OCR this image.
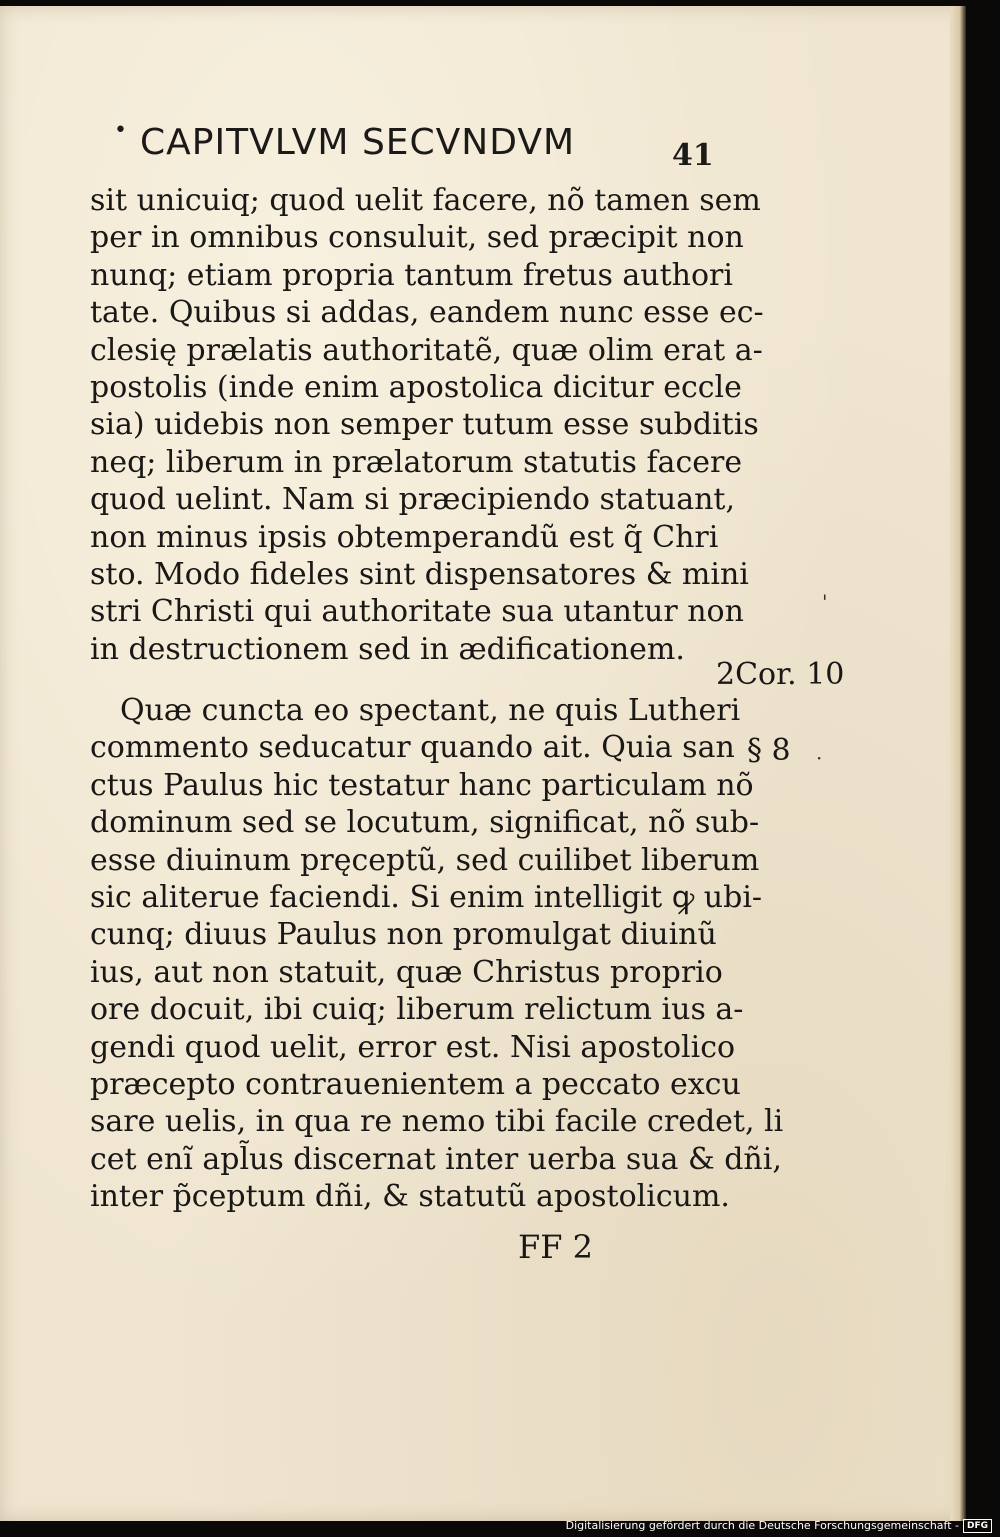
• CAPITVLVM SECVNDVM	41
sit unicuiq; quod uelit facere, nõ tamen sem
per in omnibus consuluit, sed præcipit non
nunq; etiam propria tantum fretus authori
tate. Quibus si addas, eandem nunc esse ec-
clesię prælatis authoritatẽ, quæ olim erat a-
postolis (inde enim apostolica dicitur eccle
sia) uidebis non semper tutum esse subditis
neq; liberum in prælatorum statutis facere
quod uelint. Nam si præcipiendo statuant,
non minus ipsis obtemperandũ est q̃ Chri
sto. Modo fideles sint dispensatores & mini
stri Christi qui authoritate sua utantur non
in destructionem sed in ædificationem.
2Cor. 10
§ 8
Quæ cuncta eo spectant, ne quis Lutheri
commento seducatur quando ait. Quia san
ctus Paulus hic testatur hanc particulam nõ
dominum sed se locutum, significat, nõ sub-
esse diuinum pręceptũ, sed cuilibet liberum
sic aliterue faciendi. Si enim intelligit ꝙ ubi-
cunq; diuus Paulus non promulgat diuinũ
ius, aut non statuit, quæ Christus proprio
ore docuit, ibi cuiq; liberum relictum ius a-
gendi quod uelit, error est. Nisi apostolico
præcepto contrauenientem a peccato excu
sare uelis, in qua re nemo tibi facile credet, li
cet enĩ apl̃us discernat inter uerba sua & dñi,
inter p̃ceptum dñi, & statutũ apostolicum.
FF 2
'
·
Digitalisierung gefördert durch die Deutsche Forschungsgemeinschaft - DFG
